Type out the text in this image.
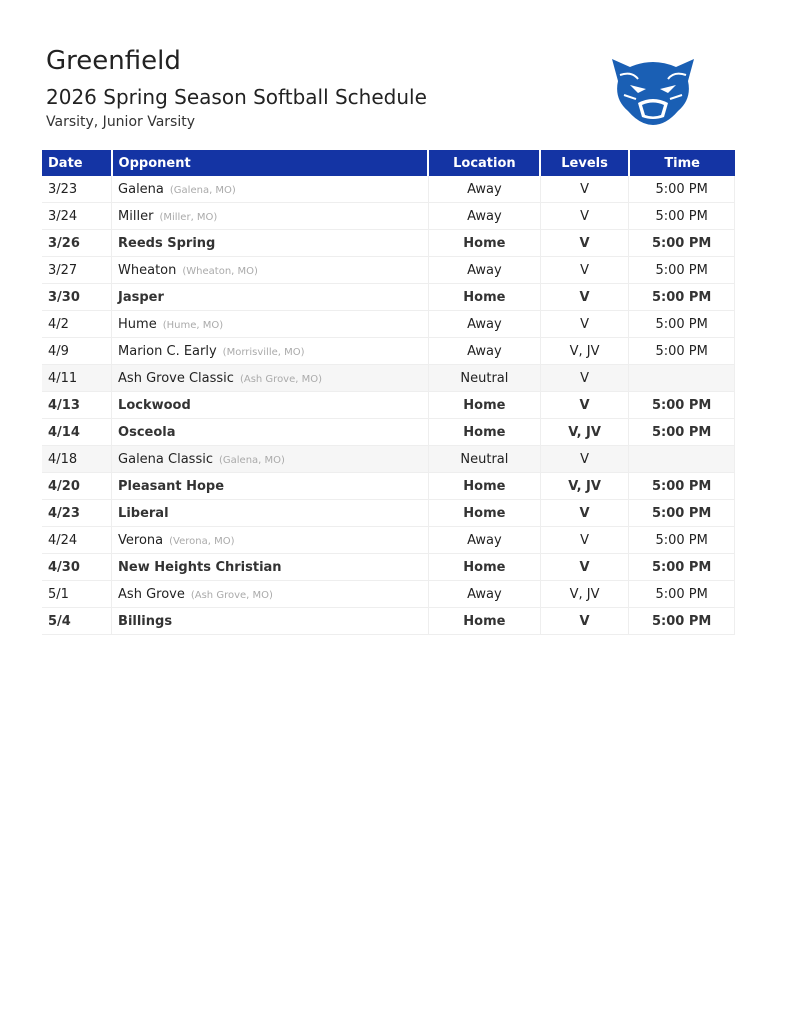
Greenfield
2026 Spring Season Softball Schedule
Varsity, Junior Varsity
Date	Opponent	Location	Levels	Time
3/23	Galena (Galena, MO)	Away	V	5:00 PM
3/24	Miller (Miller, MO)	Away	V	5:00 PM
3/26	Reeds Spring	Home	V	5:00 PM
3/27	Wheaton (Wheaton, MO)	Away	V	5:00 PM
3/30	Jasper	Home	V	5:00 PM
4/2	Hume (Hume, MO)	Away	V	5:00 PM
4/9	Marion C. Early (Morrisville, MO)	Away	V, JV	5:00 PM
4/11	Ash Grove Classic (Ash Grove, MO)	Neutral	V	
4/13	Lockwood	Home	V	5:00 PM
4/14	Osceola	Home	V, JV	5:00 PM
4/18	Galena Classic (Galena, MO)	Neutral	V	
4/20	Pleasant Hope	Home	V, JV	5:00 PM
4/23	Liberal	Home	V	5:00 PM
4/24	Verona (Verona, MO)	Away	V	5:00 PM
4/30	New Heights Christian	Home	V	5:00 PM
5/1	Ash Grove (Ash Grove, MO)	Away	V, JV	5:00 PM
5/4	Billings	Home	V	5:00 PM
